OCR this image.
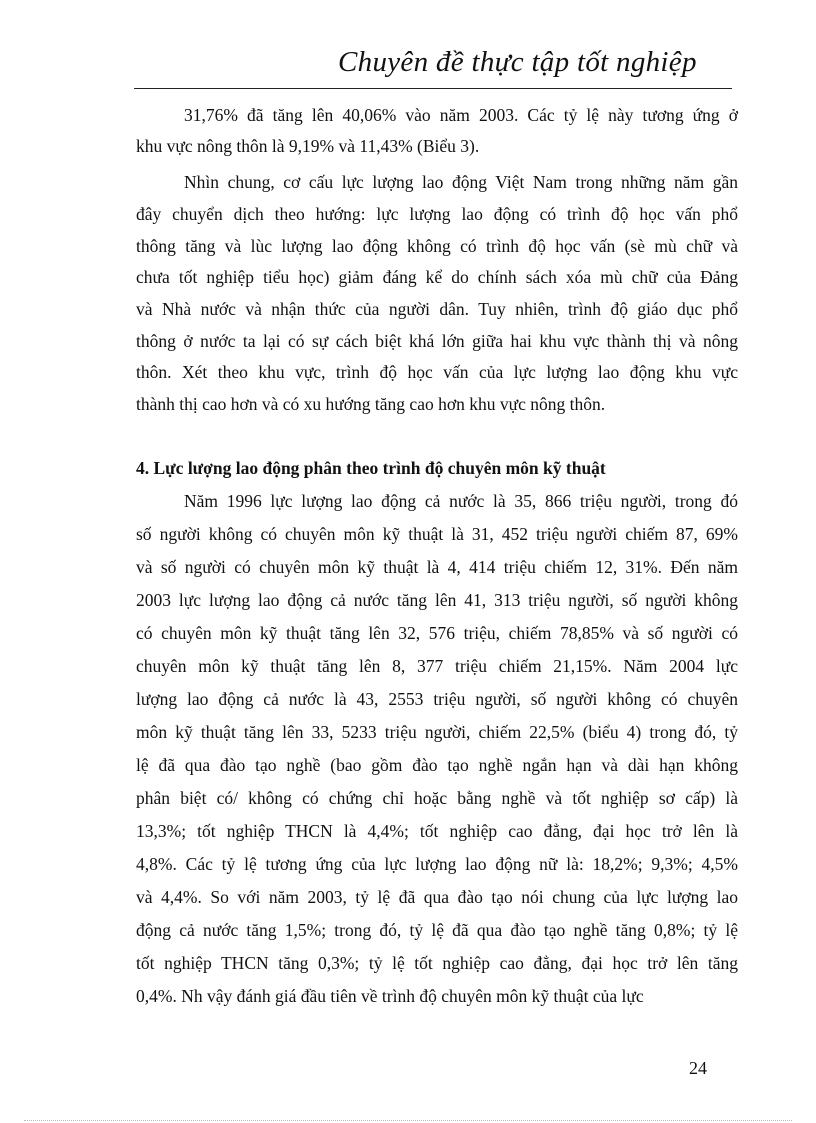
Chuyên đề thực tập tốt nghiệp
31,76% đã tăng lên 40,06% vào năm 2003. Các tỷ lệ này tương ứng ở
khu vực nông thôn là 9,19% và 11,43% (Biểu 3).
Nhìn chung, cơ cấu lực lượng lao động Việt Nam trong những năm gần
đây chuyển dịch theo hướng: lực lượng lao động có trình độ học vấn phổ
thông tăng và lùc lượng lao động không có trình độ học vấn (sè mù chữ và
chưa tốt nghiệp tiểu học) giảm đáng kể do chính sách xóa mù chữ của Đảng
và Nhà nước và nhận thức của người dân. Tuy nhiên, trình độ giáo dục phổ
thông ở nước ta lại có sự cách biệt khá lớn giữa hai khu vực thành thị và nông
thôn. Xét theo khu vực, trình độ học vấn của lực lượng lao động khu vực
thành thị cao hơn và có xu hướng tăng cao hơn khu vực nông thôn.
4. Lực lượng lao động phân theo trình độ chuyên môn kỹ thuật
Năm 1996 lực lượng lao động cả nước là 35, 866 triệu người, trong đó
số người không có chuyên môn kỹ thuật là 31, 452 triệu người chiếm 87, 69%
và số người có chuyên môn kỹ thuật là 4, 414 triệu chiếm 12, 31%. Đến năm
2003 lực lượng lao động cả nước tăng lên 41, 313 triệu người, số người không
có chuyên môn kỹ thuật tăng lên 32, 576 triệu, chiếm 78,85% và số người có
chuyên môn kỹ thuật tăng lên 8, 377 triệu chiếm 21,15%. Năm 2004 lực
lượng lao động cả nước là 43, 2553 triệu người, số người không có chuyên
môn kỹ thuật tăng lên 33, 5233 triệu người, chiếm 22,5% (biểu 4) trong đó, tỷ
lệ đã qua đào tạo nghề (bao gồm đào tạo nghề ngắn hạn và dài hạn không
phân biệt có/ không có chứng chỉ hoặc bằng nghề và tốt nghiệp sơ cấp) là
13,3%; tốt nghiệp THCN là 4,4%; tốt nghiệp cao đẳng, đại học trở lên là
4,8%. Các tỷ lệ tương ứng của lực lượng lao động nữ là: 18,2%; 9,3%; 4,5%
và 4,4%. So với năm 2003, tỷ lệ đã qua đào tạo nói chung của lực lượng lao
động cả nước tăng 1,5%; trong đó, tỷ lệ đã qua đào tạo nghề tăng 0,8%; tỷ lệ
tốt nghiệp THCN tăng 0,3%; tỷ lệ tốt nghiệp cao đẳng, đại học trở lên tăng
0,4%. Nh vậy đánh giá đầu tiên về trình độ chuyên môn kỹ thuật của lực
24
